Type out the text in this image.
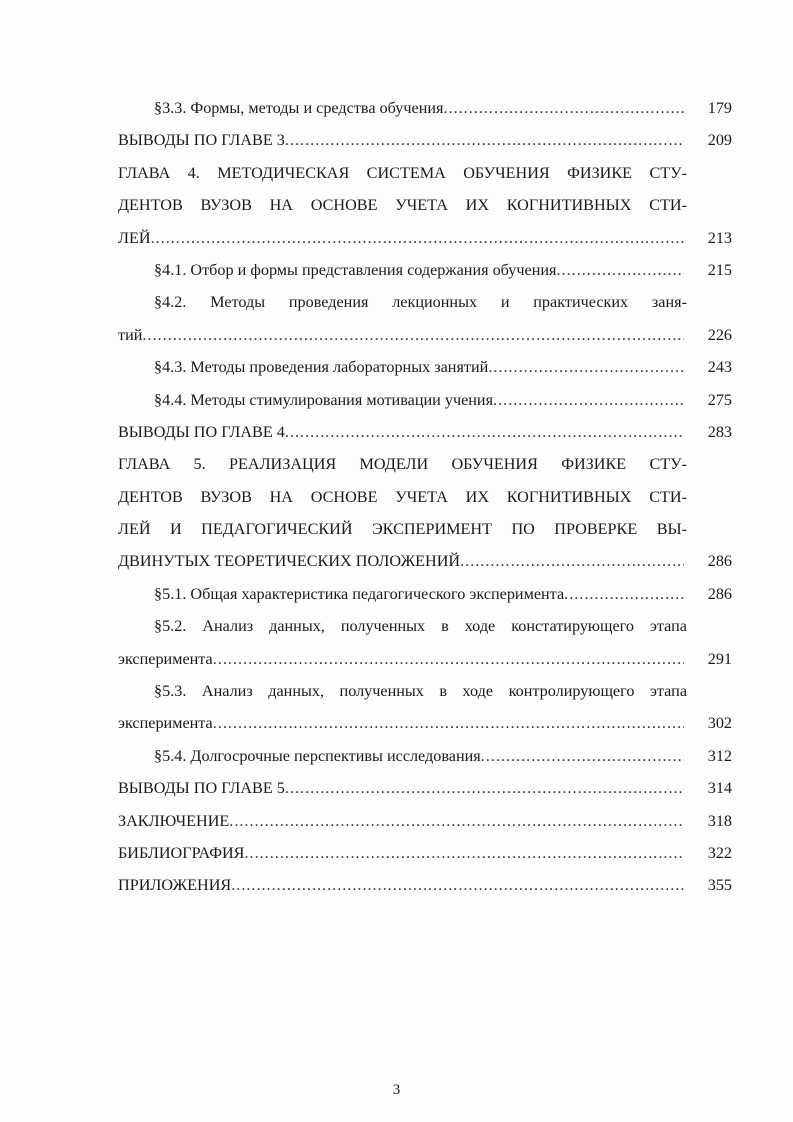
§3.3. Формы, методы и средства обучения .....	179
ВЫВОДЫ ПО ГЛАВЕ 3 .....	209
ГЛАВА 4. МЕТОДИЧЕСКАЯ СИСТЕМА ОБУЧЕНИЯ ФИЗИКЕ СТУ-
ДЕНТОВ ВУЗОВ НА ОСНОВЕ УЧЕТА ИХ КОГНИТИВНЫХ СТИ-
ЛЕЙ .....	213
§4.1. Отбор и формы представления содержания обучения .....	215
§4.2. Методы проведения лекционных и практических заня-
тий .....	226
§4.3. Методы проведения лабораторных занятий .....	243
§4.4. Методы стимулирования мотивации учения .....	275
ВЫВОДЫ ПО ГЛАВЕ 4 .....	283
ГЛАВА 5. РЕАЛИЗАЦИЯ МОДЕЛИ ОБУЧЕНИЯ ФИЗИКЕ СТУ-
ДЕНТОВ ВУЗОВ НА ОСНОВЕ УЧЕТА ИХ КОГНИТИВНЫХ СТИ-
ЛЕЙ И ПЕДАГОГИЧЕСКИЙ ЭКСПЕРИМЕНТ ПО ПРОВЕРКЕ ВЫ-
ДВИНУТЫХ ТЕОРЕТИЧЕСКИХ ПОЛОЖЕНИЙ .....	286
§5.1. Общая характеристика педагогического эксперимента .....	286
§5.2. Анализ данных, полученных в ходе констатирующего этапа
эксперимента .....	291
§5.3. Анализ данных, полученных в ходе контролирующего этапа
эксперимента .....	302
§5.4. Долгосрочные перспективы исследования .....	312
ВЫВОДЫ ПО ГЛАВЕ 5 .....	314
ЗАКЛЮЧЕНИЕ .....	318
БИБЛИОГРАФИЯ .....	322
ПРИЛОЖЕНИЯ .....	355
3
